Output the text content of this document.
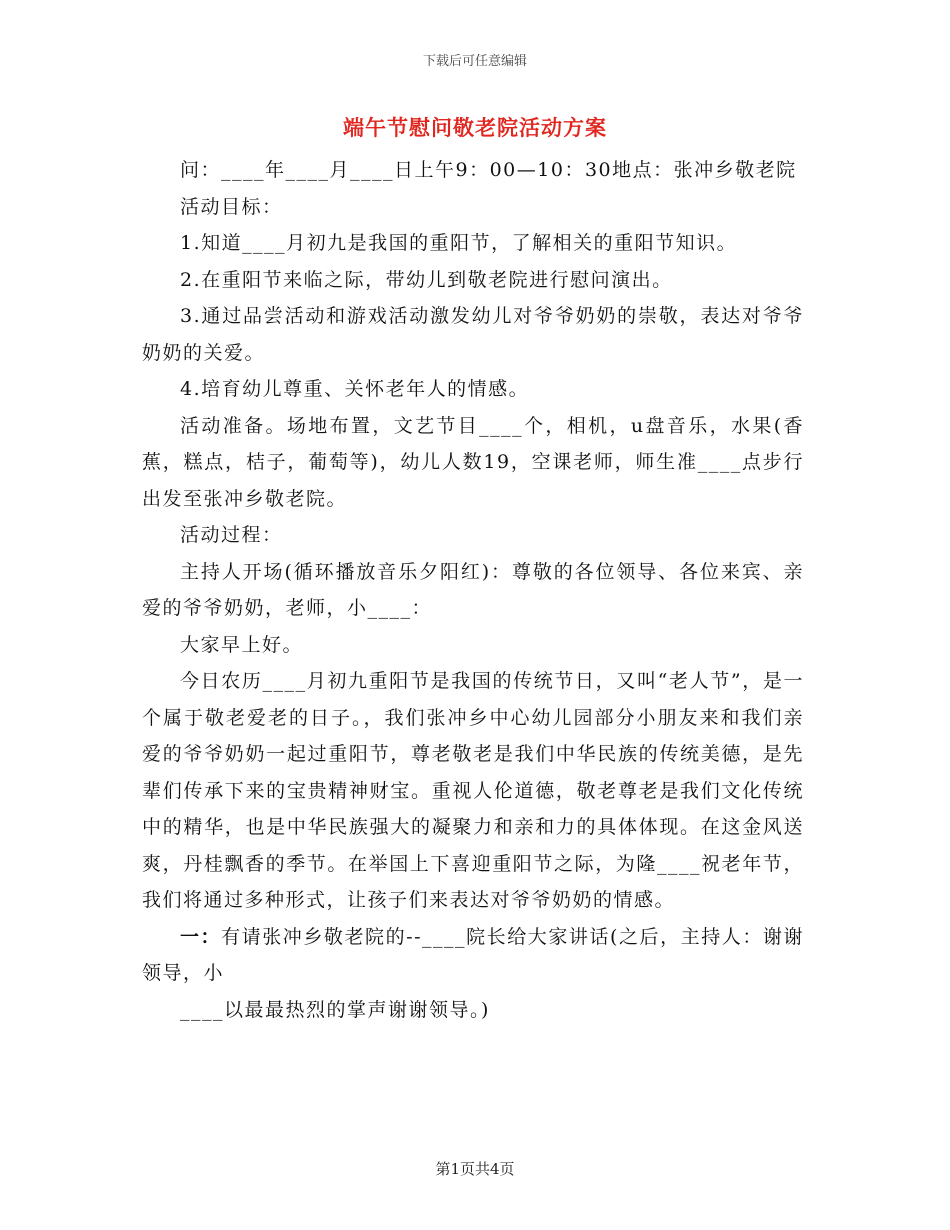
下载后可任意编辑
端午节慰问敬老院活动方案

问：____年____月____日上午9：00—10：30地点：张冲乡敬老院

活动目标：

1.知道____月初九是我国的重阳节，了解相关的重阳节知识。

2.在重阳节来临之际，带幼儿到敬老院进行慰问演出。

3.通过品尝活动和游戏活动激发幼儿对爷爷奶奶的崇敬，表达对爷爷奶奶的关爱。

4.培育幼儿尊重、关怀老年人的情感。

活动准备。场地布置，文艺节目____个，相机，u盘音乐，水果(香蕉，糕点，桔子，葡萄等)，幼儿人数19，空课老师，师生准____点步行出发至张冲乡敬老院。

活动过程：

主持人开场(循环播放音乐夕阳红)：尊敬的各位领导、各位来宾、亲爱的爷爷奶奶，老师，小____：

大家早上好。

今日农历____月初九重阳节是我国的传统节日，又叫“老人节”，是一个属于敬老爱老的日子。，我们张冲乡中心幼儿园部分小朋友来和我们亲爱的爷爷奶奶一起过重阳节，尊老敬老是我们中华民族的传统美德，是先辈们传承下来的宝贵精神财宝。重视人伦道德，敬老尊老是我们文化传统中的精华，也是中华民族强大的凝聚力和亲和力的具体体现。在这金风送爽，丹桂飘香的季节。在举国上下喜迎重阳节之际，为隆____祝老年节，我们将通过多种形式，让孩子们来表达对爷爷奶奶的情感。

一：有请张冲乡敬老院的--____院长给大家讲话(之后，主持人：谢谢领导，小

____以最最热烈的掌声谢谢领导。)

第1页共4页
